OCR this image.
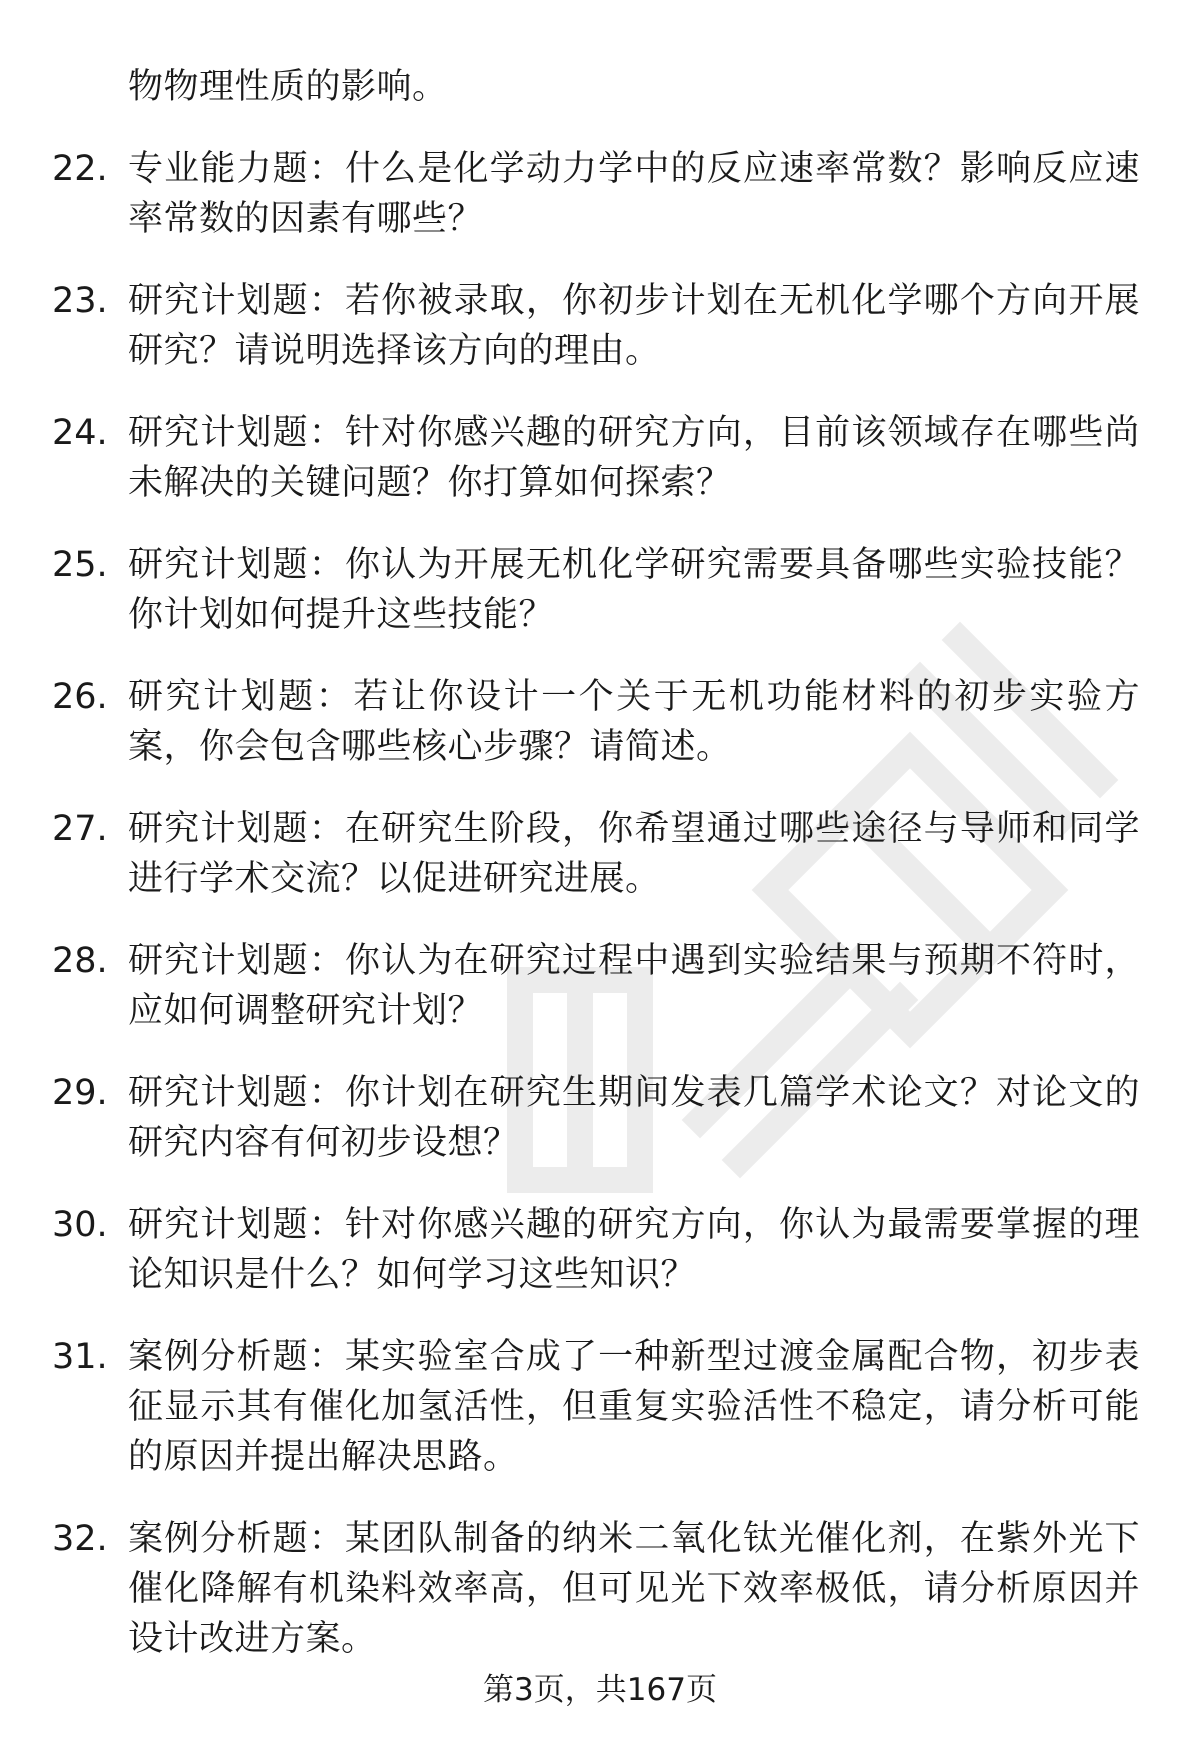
物物理性质的影响。
22. 专业能力题：什么是化学动力学中的反应速率常数？影响反应速率常数的因素有哪些？
23. 研究计划题：若你被录取，你初步计划在无机化学哪个方向开展研究？请说明选择该方向的理由。
24. 研究计划题：针对你感兴趣的研究方向，目前该领域存在哪些尚未解决的关键问题？你打算如何探索？
25. 研究计划题：你认为开展无机化学研究需要具备哪些实验技能？你计划如何提升这些技能？
26. 研究计划题：若让你设计一个关于无机功能材料的初步实验方案，你会包含哪些核心步骤？请简述。
27. 研究计划题：在研究生阶段，你希望通过哪些途径与导师和同学进行学术交流？以促进研究进展。
28. 研究计划题：你认为在研究过程中遇到实验结果与预期不符时，应如何调整研究计划？
29. 研究计划题：你计划在研究生期间发表几篇学术论文？对论文的研究内容有何初步设想？
30. 研究计划题：针对你感兴趣的研究方向，你认为最需要掌握的理论知识是什么？如何学习这些知识？
31. 案例分析题：某实验室合成了一种新型过渡金属配合物，初步表征显示其有催化加氢活性，但重复实验活性不稳定，请分析可能的原因并提出解决思路。
32. 案例分析题：某团队制备的纳米二氧化钛光催化剂，在紫外光下催化降解有机染料效率高，但可见光下效率极低，请分析原因并设计改进方案。
第3页，共167页
